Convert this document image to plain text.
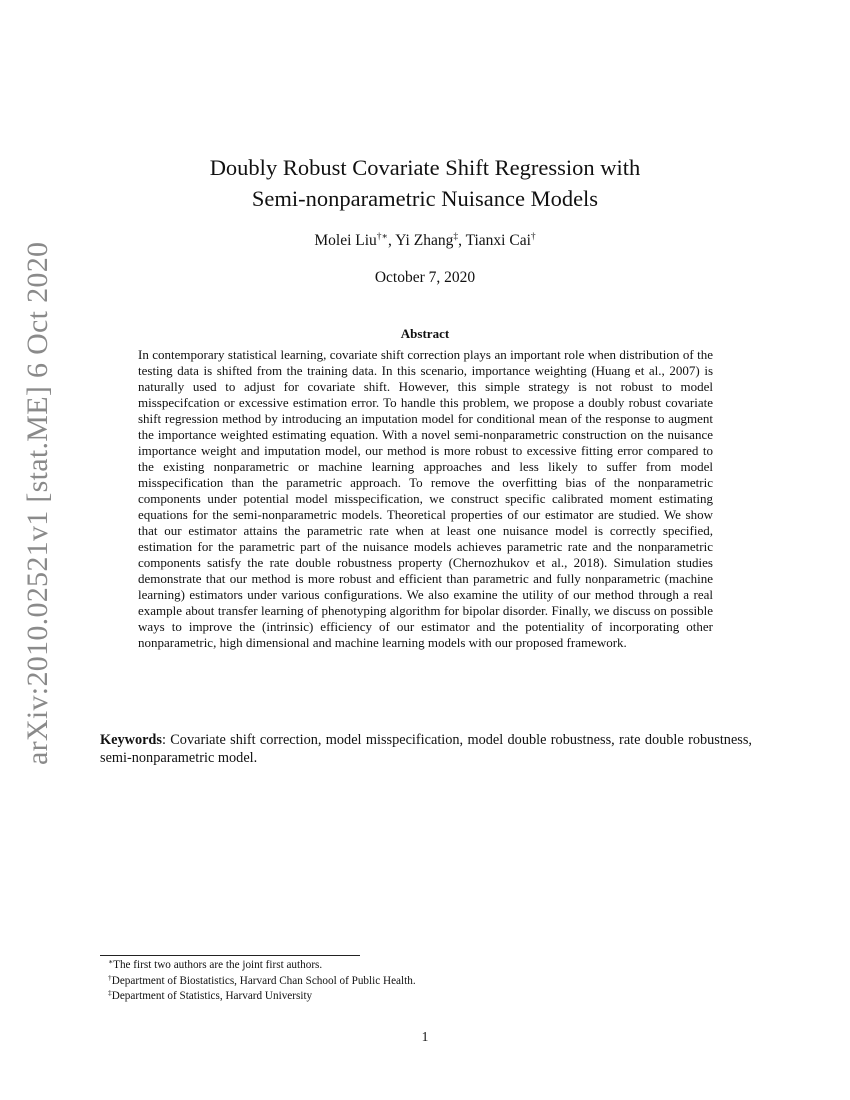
arXiv:2010.02521v1 [stat.ME] 6 Oct 2020
Doubly Robust Covariate Shift Regression with
Semi-nonparametric Nuisance Models
Molei Liu†∗, Yi Zhang‡, Tianxi Cai†
October 7, 2020
Abstract
In contemporary statistical learning, covariate shift correction plays an important role when distribution of the testing data is shifted from the training data. In this scenario, importance weighting (Huang et al., 2007) is naturally used to adjust for covariate shift. However, this simple strategy is not robust to model misspecifcation or excessive estimation error. To handle this problem, we propose a doubly robust covariate shift regression method by introducing an imputation model for conditional mean of the response to augment the importance weighted estimating equation. With a novel semi-nonparametric construction on the nuisance importance weight and imputation model, our method is more robust to excessive fitting error compared to the existing nonparametric or machine learning approaches and less likely to suffer from model misspecification than the parametric approach. To remove the overfitting bias of the nonparametric components under potential model misspecification, we construct specific calibrated moment estimating equations for the semi-nonparametric models. Theoretical properties of our estimator are studied. We show that our estimator attains the parametric rate when at least one nuisance model is correctly specified, estimation for the parametric part of the nuisance models achieves parametric rate and the nonparametric components satisfy the rate double robustness property (Chernozhukov et al., 2018). Simulation studies demonstrate that our method is more robust and efficient than parametric and fully nonparametric (machine learning) estimators under various configurations. We also examine the utility of our method through a real example about transfer learning of phenotyping algorithm for bipolar disorder. Finally, we discuss on possible ways to improve the (intrinsic) efficiency of our estimator and the potentiality of incorporating other nonparametric, high dimensional and machine learning models with our proposed framework.
Keywords: Covariate shift correction, model misspecification, model double robustness, rate double robustness, semi-nonparametric model.
∗The first two authors are the joint first authors.
†Department of Biostatistics, Harvard Chan School of Public Health.
‡Department of Statistics, Harvard University
1
